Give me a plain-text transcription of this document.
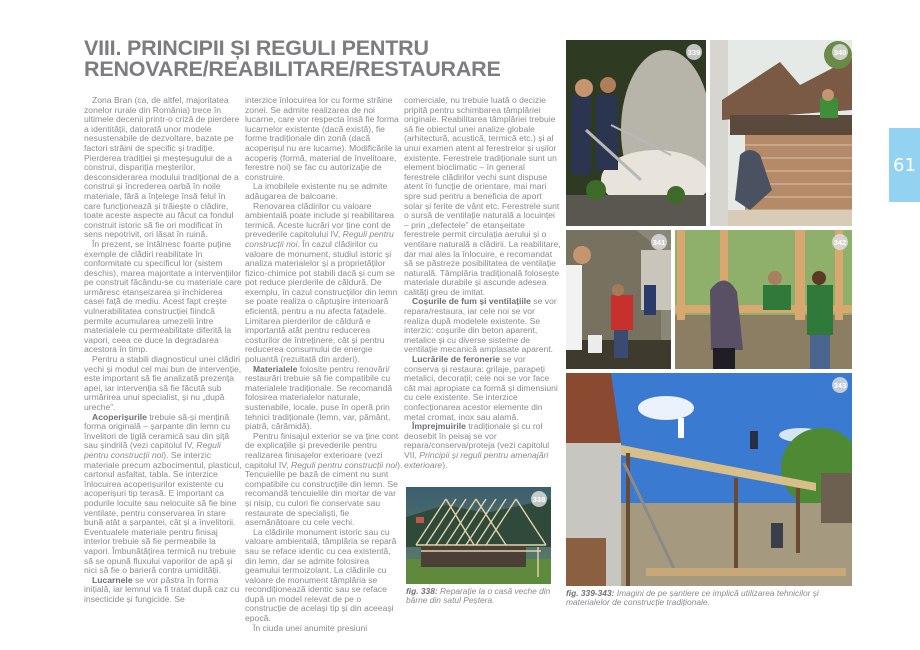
VIII. PRINCIPII ȘI REGULI PENTRU
RENOVARE/REABILITARE/RESTAURARE

Zona Bran (ca, de altfel, majoritatea zonelor rurale din România) trece în ultimele decenii printr-o criză de pierdere a identității, datorată unor modele nesustenabile de dezvoltare, bazate pe factori străini de specific și tradiție. Pierderea tradiției și meșteșugului de a construi, dispariția meșterilor, desconsiderarea modului tradițional de a construi și încrederea oarbă în noile materiale, fără a înțelege însă felul în care funcționează și trăiește o clădire, toate aceste aspecte au făcut ca fondul construit istoric să fie ori modificat în sens nepotrivit, ori lăsat în ruină.

În prezent, se întâlnesc foarte puține exemple de clădiri reabilitate în conformitate cu specificul lor (sistem deschis), marea majoritate a intervențiilor pe construit făcându-se cu materiale care urmăresc etanșeizarea și închiderea casei față de mediu. Acest fapt crește vulnerabilitatea construcției fiindcă permite acumularea umezelii între materialele cu permeabilitate diferită la vapori, ceea ce duce la degradarea acestora în timp.

Pentru a stabili diagnosticul unei clădiri vechi și modul cel mai bun de intervenție, este important să fie analizată prezența apei, iar intervenția să fie făcută sub urmărirea unui specialist, și nu „după ureche”.

Acoperișurile trebuie să-și mențină forma originală – șarpante din lemn cu învelitori de țiglă ceramică sau din șiță sau șindrilă (vezi capitolul IV, Reguli pentru construcții noi). Se interzic materiale precum azbocimentul, plasticul, cartonul asfaltat, tabla. Se interzice înlocuirea acoperișurilor existente cu acoperișuri tip terasă. E important ca podurile locuite sau nelocuite să fie bine ventilate, pentru conservarea în stare bună atât a șarpantei, cât și a învelitorii. Eventualele materiale pentru finisaj interior trebuie să fie permeabile la vapori. Îmbunătățirea termică nu trebuie să se opună fluxului vaporilor de apă și nici să fie o barieră contra umidității.

Lucarnele se vor păstra în forma inițială, iar lemnul va fi tratat după caz cu insecticide și fungicide. Se

interzice înlocuirea lor cu forme străine zonei. Se admite realizarea de noi lucarne, care vor respecta însă fie forma lucarnelor existente (dacă există), fie forme tradiționale din zonă (dacă acoperișul nu are lucarne). Modificările la acoperiș (formă, material de învelitoare, ferestre noi) se fac cu autorizație de construire.

La imobilele existente nu se admite adăugarea de balcoane.

Renovarea clădirilor cu valoare ambientală poate include și reabilitarea termică. Aceste lucrări vor ține cont de prevederile capitolului IV, Reguli pentru construcții noi. În cazul clădirilor cu valoare de monument, studiul istoric și analiza materialelor și a proprietăților fizico-chimice pot stabili dacă și cum se pot reduce pierderile de căldură. De exemplu, în cazul construcțiilor din lemn se poate realiza o căptușire interioară eficientă, pentru a nu afecta fațadele. Limitarea pierderilor de căldură e importantă atât pentru reducerea costurilor de întreținere, cât și pentru reducerea consumului de energie poluantă (rezultată din arderi).

Materialele folosite pentru renovări/ restaurări trebuie să fie compatibile cu materialele tradiționale. Se recomandă folosirea materialelor naturale, sustenabile, locale, puse în operă prin tehnici tradiționale (lemn, var, pământ, piatră, cărămidă).

Pentru finisajul exterior se va ține cont de explicațiile și prevederile pentru realizarea finisajelor exterioare (vezi capitolul IV, Reguli pentru construcții noi). Tencuielile pe bază de ciment nu sunt compatibile cu construcțiile din lemn. Se recomandă tencuielile din mortar de var și nisip, cu culori fie conservate sau restaurate de specialiști, fie asemănătoare cu cele vechi.

La clădirile monument istoric sau cu valoare ambientală, tâmplăria se repară sau se reface identic cu cea existentă, din lemn, dar se admite folosirea geamului termoizolant. La clădirile cu valoare de monument tâmplăria se recondiționează identic sau se reface după un model relevat de pe o construcție de același tip și din aceeași epocă.

În ciuda unei anumite presiuni

comerciale, nu trebuie luată o decizie pripită pentru schimbarea tâmplăriei originale. Reabilitarea tâmplăriei trebuie să fie obiectul unei analize globale (arhitectură, acustică, termică etc.) și al unui examen atent al ferestrelor și ușilor existente. Ferestrele tradiționale sunt un element bioclimatic – în general ferestrele clădirilor vechi sunt dispuse atent în funcție de orientare, mai mari spre sud pentru a beneficia de aport solar și ferite de vânt etc. Ferestrele sunt o sursă de ventilație naturală a locuinței – prin „defectele” de etanșeitate ferestrele permit circulația aerului și o ventilare naturală a clădirii. La reabilitare, dar mai ales la înlocuire, e recomandat să se păstreze posibilitatea de ventilație naturală. Tâmplăria tradițională folosește materiale durabile și ascunde adesea calități greu de imitat.

Coșurile de fum și ventilațiile se vor repara/restaura, iar cele noi se vor realiza după modelele existente. Se interzic: coșurile din beton aparent, metalice și cu diverse sisteme de ventilație mecanică amplasate aparent.

Lucrările de feronerie se vor conserva și restaura: grilaje, parapeți metalici, decorații; cele noi se vor face cât mai apropiate ca formă și dimensiuni cu cele existente. Se interzice confecționarea acestor elemente din metal cromat, inox sau alamă.

Împrejmuirile tradiționale și cu rol deosebit în peisaj se vor repara/conserva/proteja (vezi capitolul VII, Principii și reguli pentru amenajări exterioare).

338
fig. 338: Reparație la o casă veche din bârne din satul Peștera.
339	340
341	342
343
fig. 339-343: Imagini de pe șantiere ce implică utilizarea tehnicilor și materialelor de construcție tradiționale.
61
